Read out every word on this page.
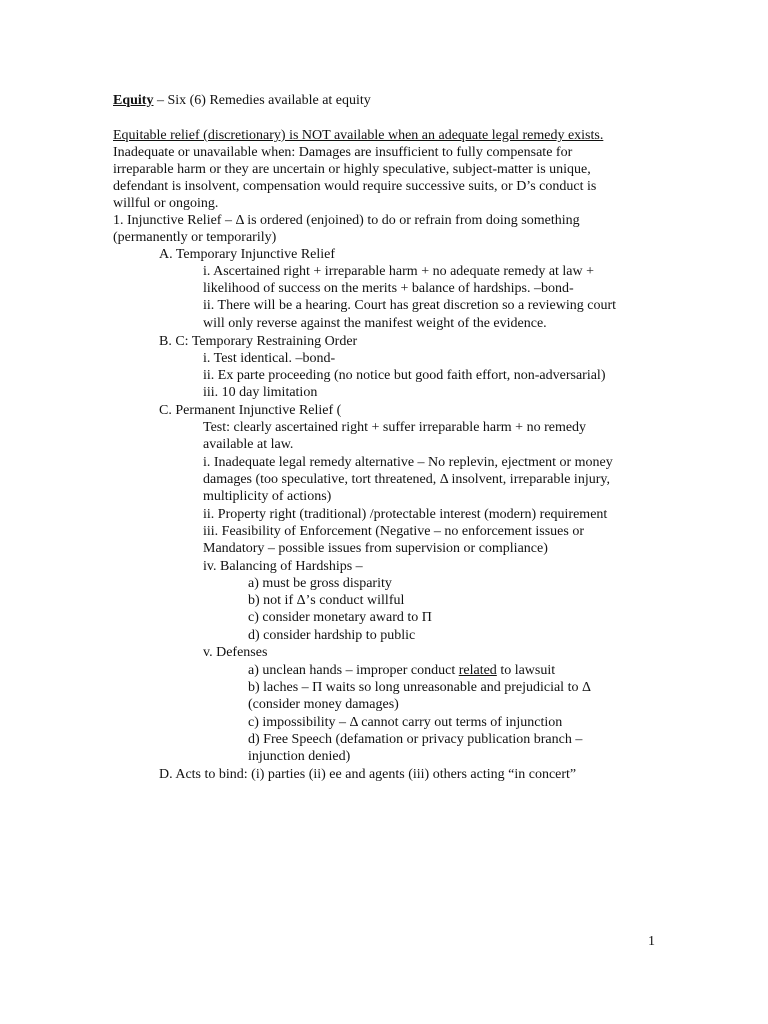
Equity – Six (6) Remedies available at equity
Equitable relief (discretionary) is NOT available when an adequate legal remedy exists.
Inadequate or unavailable when: Damages are insufficient to fully compensate for
irreparable harm or they are uncertain or highly speculative, subject-matter is unique,
defendant is insolvent, compensation would require successive suits, or D’s conduct is
willful or ongoing.
1. Injunctive Relief – Δ is ordered (enjoined) to do or refrain from doing something
(permanently or temporarily)
A. Temporary Injunctive Relief
i. Ascertained right + irreparable harm + no adequate remedy at law +
likelihood of success on the merits + balance of hardships. –bond-
ii. There will be a hearing. Court has great discretion so a reviewing court
will only reverse against the manifest weight of the evidence.
B. C: Temporary Restraining Order
i. Test identical. –bond-
ii. Ex parte proceeding (no notice but good faith effort, non-adversarial)
iii. 10 day limitation
C. Permanent Injunctive Relief (
Test: clearly ascertained right + suffer irreparable harm + no remedy
available at law.
i. Inadequate legal remedy alternative – No replevin, ejectment or money
damages (too speculative, tort threatened, Δ insolvent, irreparable injury,
multiplicity of actions)
ii. Property right (traditional) /protectable interest (modern) requirement
iii. Feasibility of Enforcement (Negative – no enforcement issues or
Mandatory – possible issues from supervision or compliance)
iv. Balancing of Hardships –
a) must be gross disparity
b) not if Δ’s conduct willful
c) consider monetary award to Π
d) consider hardship to public
v. Defenses
a) unclean hands – improper conduct related to lawsuit
b) laches – Π waits so long unreasonable and prejudicial to Δ
(consider money damages)
c) impossibility – Δ cannot carry out terms of injunction
d) Free Speech (defamation or privacy publication branch –
injunction denied)
D. Acts to bind: (i) parties (ii) ee and agents (iii) others acting “in concert”
1
